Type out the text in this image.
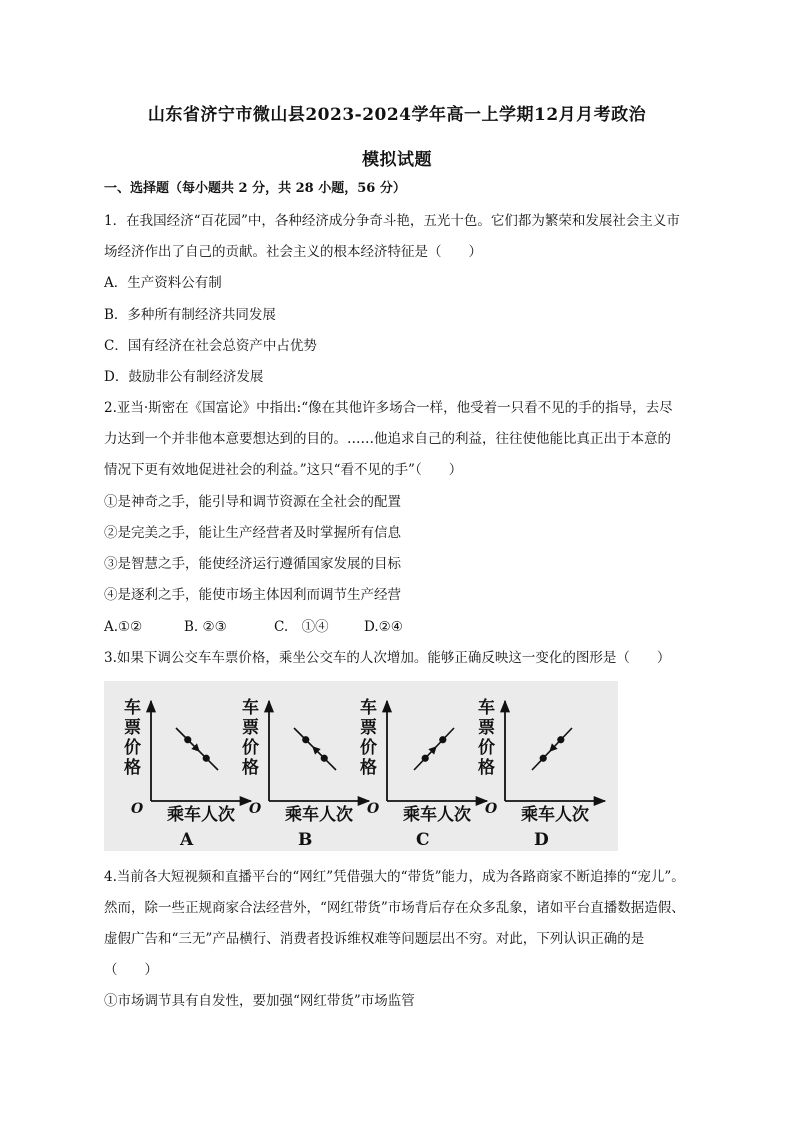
山东省济宁市微山县2023-2024学年高一上学期12月月考政治
模拟试题
一、选择题（每小题共 2 分，共 28 小题，56 分）
1．在我国经济“百花园”中，各种经济成分争奇斗艳，五光十色。它们都为繁荣和发展社会主义市
场经济作出了自己的贡献。社会主义的根本经济特征是（　　）
A．生产资料公有制
B．多种所有制经济共同发展
C．国有经济在社会总资产中占优势
D．鼓励非公有制经济发展
2.亚当·斯密在《国富论》中指出:“像在其他许多场合一样，他受着一只看不见的手的指导，去尽
力达到一个并非他本意要想达到的目的。……他追求自己的利益，往往使他能比真正出于本意的
情况下更有效地促进社会的利益。”这只“看不见的手”（　　）
①是神奇之手，能引导和调节资源在全社会的配置
②是完美之手，能让生产经营者及时掌握所有信息
③是智慧之手，能使经济运行遵循国家发展的目标
④是逐利之手，能使市场主体因利而调节生产经营
A.①②	B. ②③	C.　①④	D.②④
3.如果下调公交车车票价格，乘坐公交车的人次增加。能够正确反映这一变化的图形是（　　）
车
票
价
格
O 乘车人次
A
车
票
价
格
O 乘车人次
B
车
票
价
格
O 乘车人次
C
车
票
价
格
O 乘车人次
D
4.当前各大短视频和直播平台的“网红”凭借强大的“带货”能力，成为各路商家不断追捧的“宠儿”。
然而，除一些正规商家合法经营外，“网红带货”市场背后存在众多乱象，诸如平台直播数据造假、
虚假广告和“三无”产品横行、消费者投诉维权难等问题层出不穷。对此，下列认识正确的是
（　　）
①市场调节具有自发性，要加强“网红带货”市场监管
